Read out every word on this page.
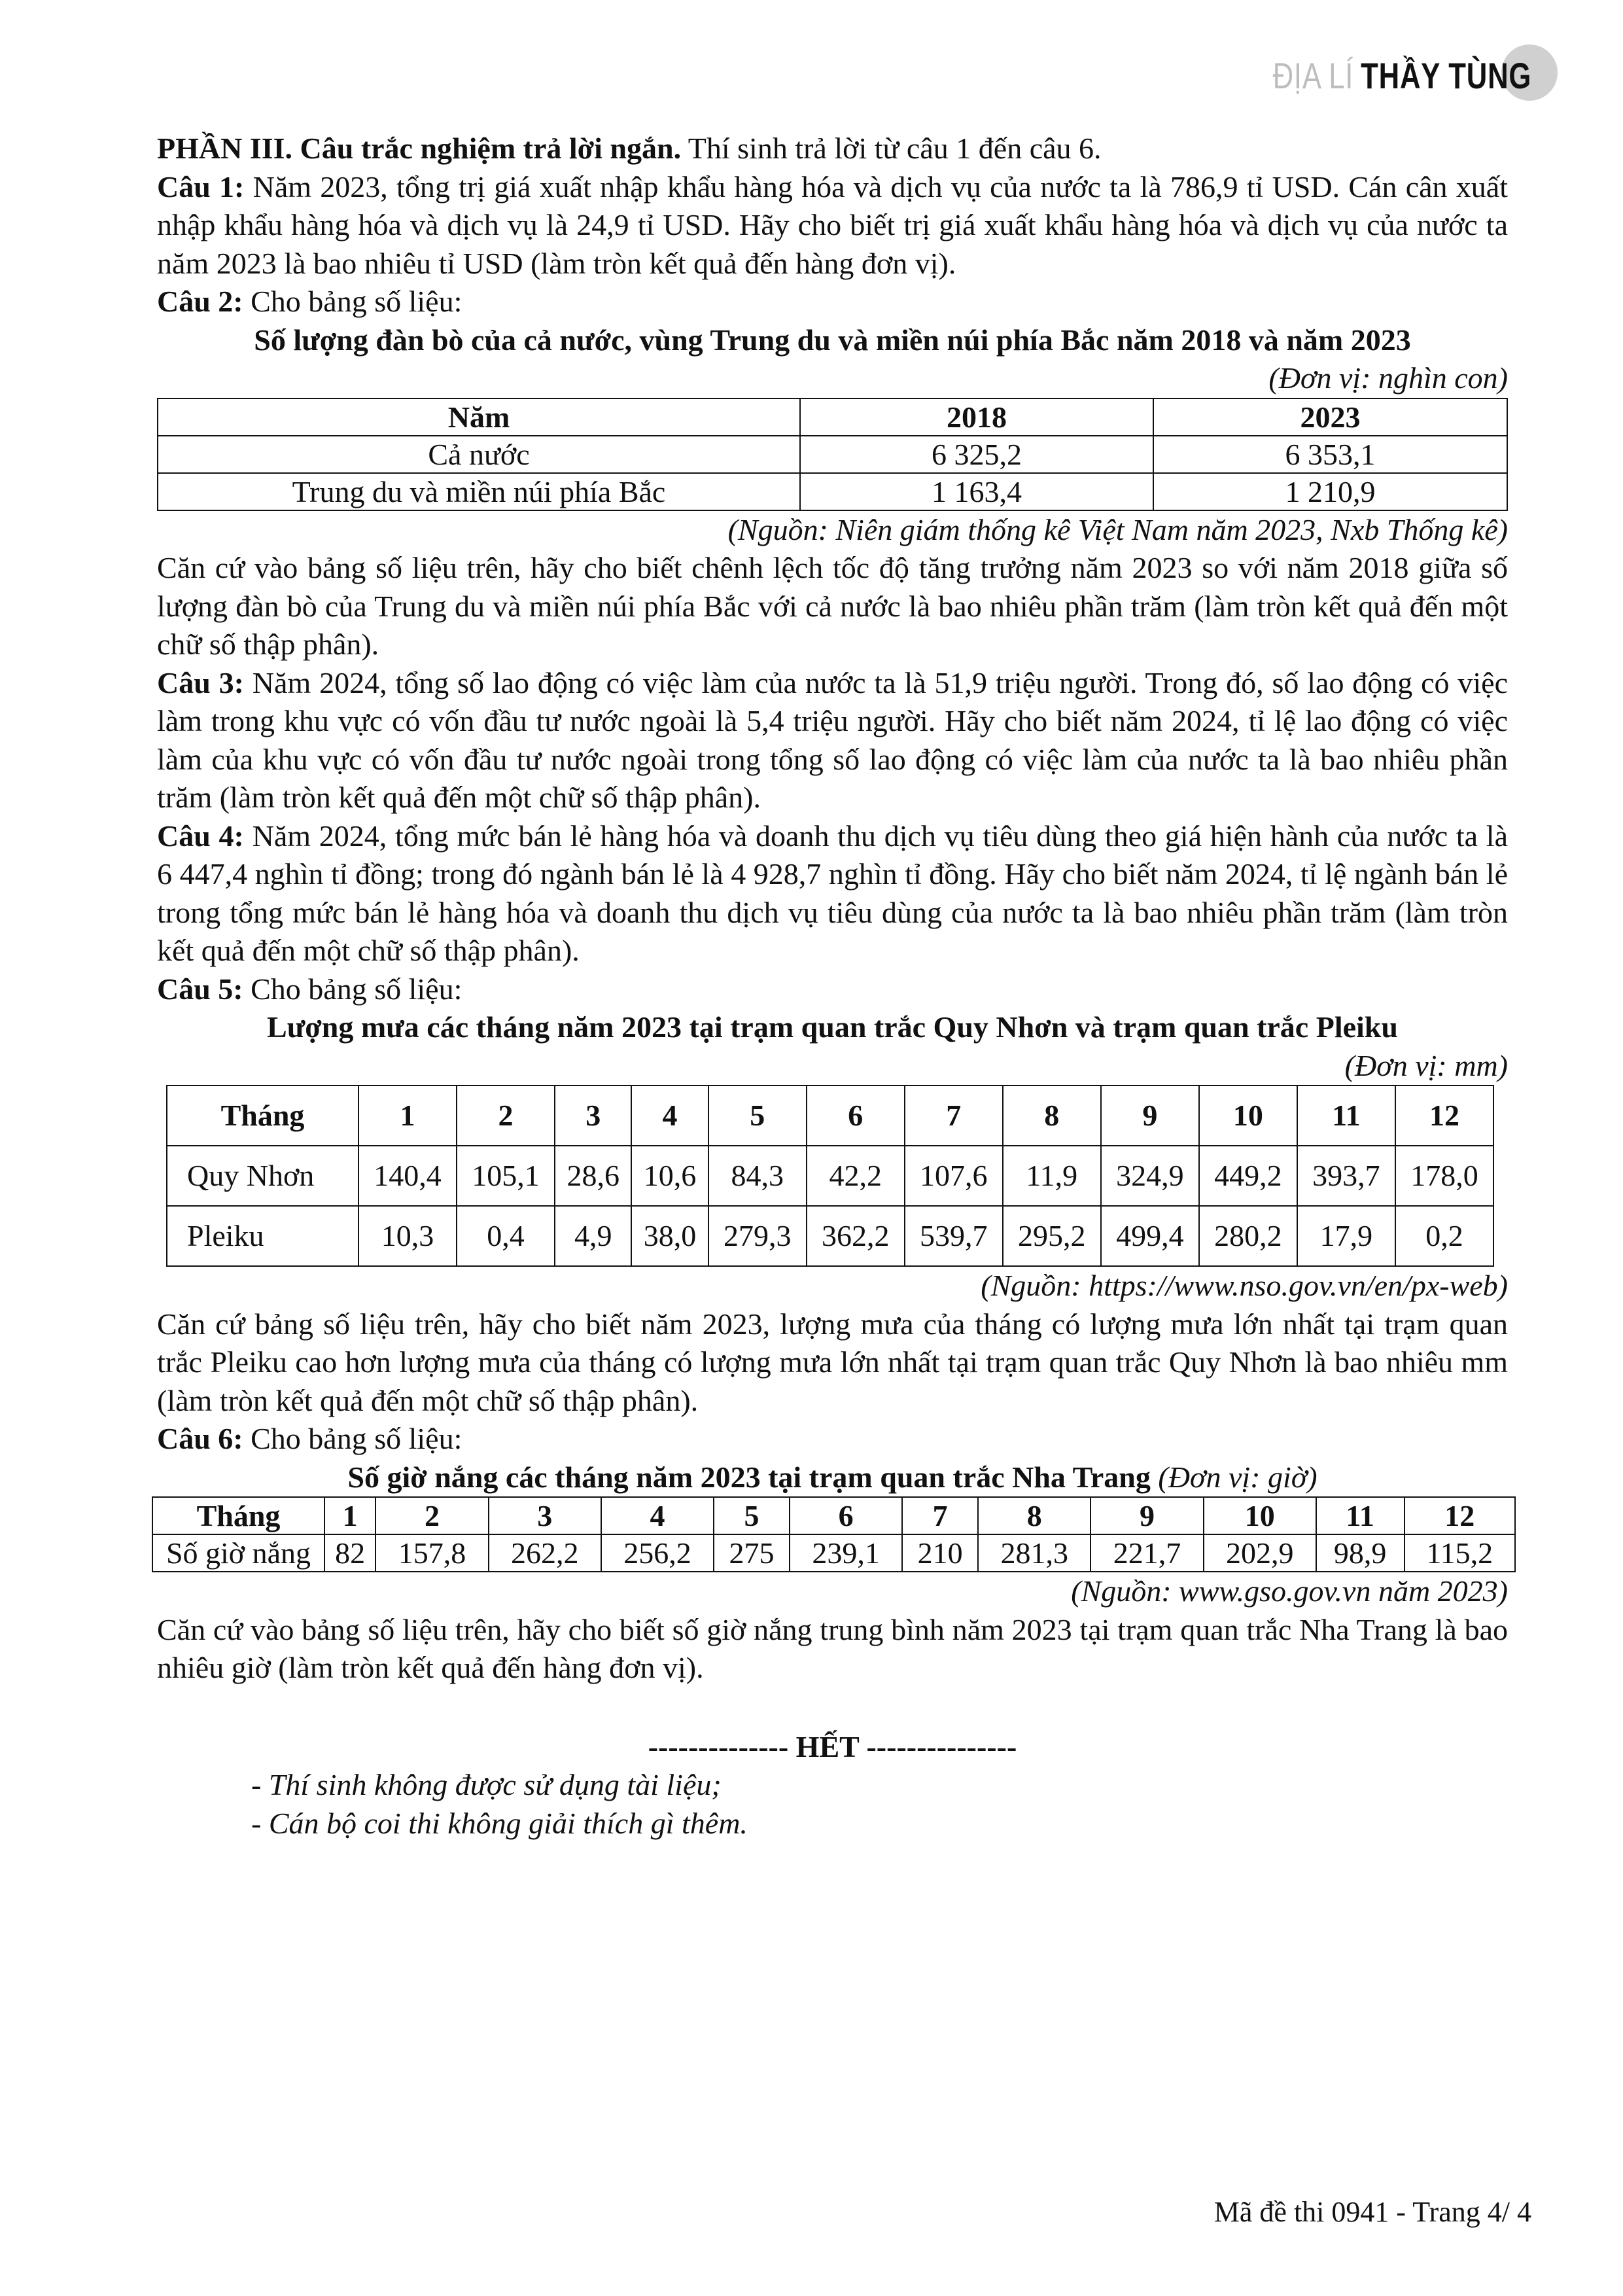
ĐỊA LÍ THẦY TÙNG

PHẦN III. Câu trắc nghiệm trả lời ngắn. Thí sinh trả lời từ câu 1 đến câu 6.

Câu 1: Năm 2023, tổng trị giá xuất nhập khẩu hàng hóa và dịch vụ của nước ta là 786,9 tỉ USD. Cán cân xuất nhập khẩu hàng hóa và dịch vụ là 24,9 tỉ USD. Hãy cho biết trị giá xuất khẩu hàng hóa và dịch vụ của nước ta năm 2023 là bao nhiêu tỉ USD (làm tròn kết quả đến hàng đơn vị).

Câu 2: Cho bảng số liệu:

Số lượng đàn bò của cả nước, vùng Trung du và miền núi phía Bắc năm 2018 và năm 2023

(Đơn vị: nghìn con)

Năm	2018	2023
Cả nước	6 325,2	6 353,1
Trung du và miền núi phía Bắc	1 163,4	1 210,9

(Nguồn: Niên giám thống kê Việt Nam năm 2023, Nxb Thống kê)

Căn cứ vào bảng số liệu trên, hãy cho biết chênh lệch tốc độ tăng trưởng năm 2023 so với năm 2018 giữa số lượng đàn bò của Trung du và miền núi phía Bắc với cả nước là bao nhiêu phần trăm (làm tròn kết quả đến một chữ số thập phân).

Câu 3: Năm 2024, tổng số lao động có việc làm của nước ta là 51,9 triệu người. Trong đó, số lao động có việc làm trong khu vực có vốn đầu tư nước ngoài là 5,4 triệu người. Hãy cho biết năm 2024, tỉ lệ lao động có việc làm của khu vực có vốn đầu tư nước ngoài trong tổng số lao động có việc làm của nước ta là bao nhiêu phần trăm (làm tròn kết quả đến một chữ số thập phân).

Câu 4: Năm 2024, tổng mức bán lẻ hàng hóa và doanh thu dịch vụ tiêu dùng theo giá hiện hành của nước ta là 6 447,4 nghìn tỉ đồng; trong đó ngành bán lẻ là 4 928,7 nghìn tỉ đồng. Hãy cho biết năm 2024, tỉ lệ ngành bán lẻ trong tổng mức bán lẻ hàng hóa và doanh thu dịch vụ tiêu dùng của nước ta là bao nhiêu phần trăm (làm tròn kết quả đến một chữ số thập phân).

Câu 5: Cho bảng số liệu:

Lượng mưa các tháng năm 2023 tại trạm quan trắc Quy Nhơn và trạm quan trắc Pleiku

(Đơn vị: mm)

Tháng	1	2	3	4	5	6	7	8	9	10	11	12
Quy Nhơn	140,4	105,1	28,6	10,6	84,3	42,2	107,6	11,9	324,9	449,2	393,7	178,0
Pleiku	10,3	0,4	4,9	38,0	279,3	362,2	539,7	295,2	499,4	280,2	17,9	0,2

(Nguồn: https://www.nso.gov.vn/en/px-web)

Căn cứ bảng số liệu trên, hãy cho biết năm 2023, lượng mưa của tháng có lượng mưa lớn nhất tại trạm quan trắc Pleiku cao hơn lượng mưa của tháng có lượng mưa lớn nhất tại trạm quan trắc Quy Nhơn là bao nhiêu mm (làm tròn kết quả đến một chữ số thập phân).

Câu 6: Cho bảng số liệu:

Số giờ nắng các tháng năm 2023 tại trạm quan trắc Nha Trang (Đơn vị: giờ)

Tháng	1	2	3	4	5	6	7	8	9	10	11	12
Số giờ nắng	82	157,8	262,2	256,2	275	239,1	210	281,3	221,7	202,9	98,9	115,2

(Nguồn: www.gso.gov.vn năm 2023)

Căn cứ vào bảng số liệu trên, hãy cho biết số giờ nắng trung bình năm 2023 tại trạm quan trắc Nha Trang là bao nhiêu giờ (làm tròn kết quả đến hàng đơn vị).

-------------- HẾT ---------------

- Thí sinh không được sử dụng tài liệu;

- Cán bộ coi thi không giải thích gì thêm.

Mã đề thi 0941 - Trang 4/ 4
